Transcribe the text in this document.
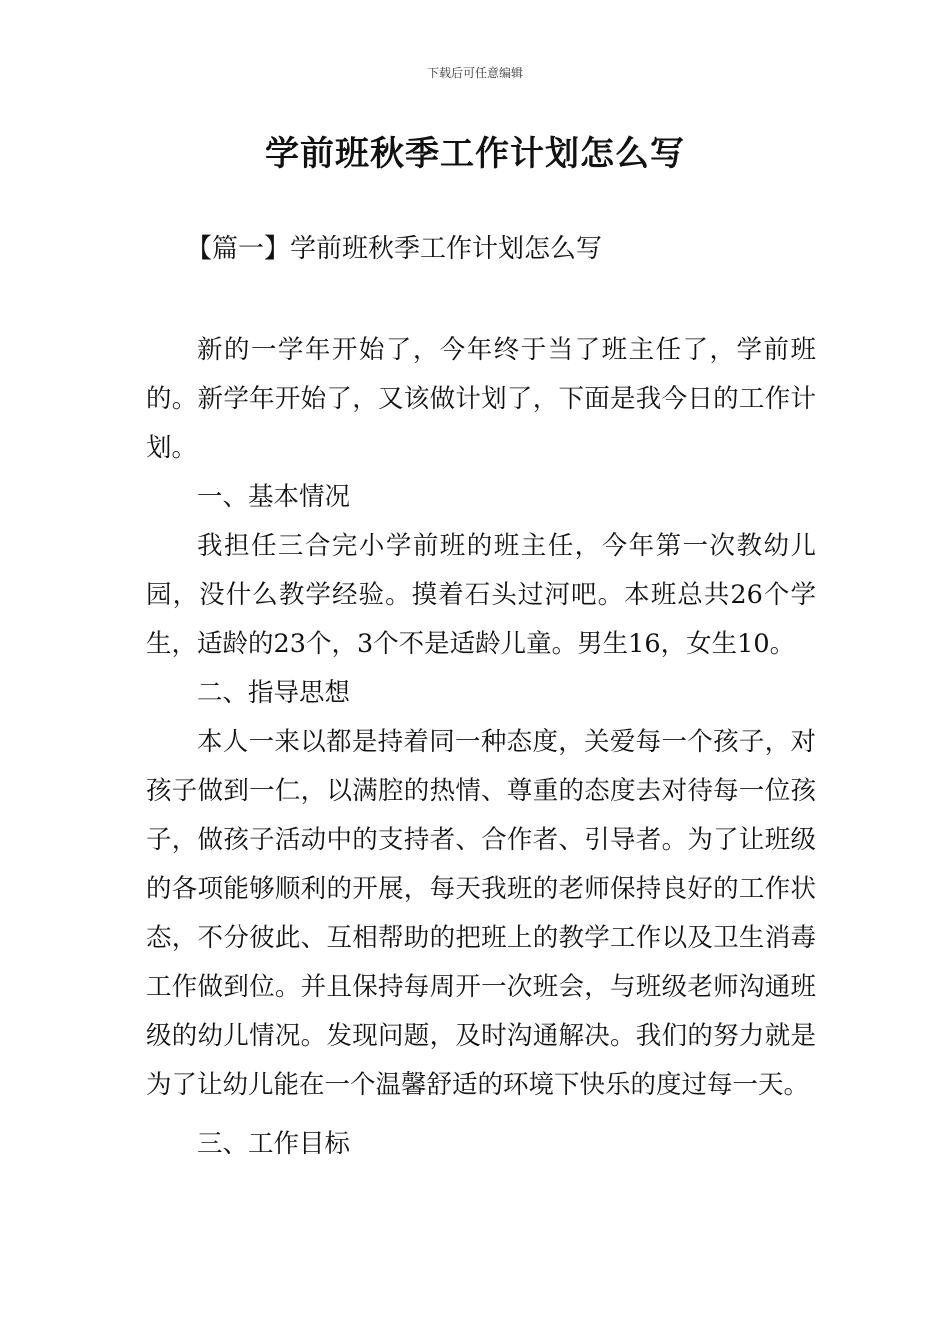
下载后可任意编辑
学前班秋季工作计划怎么写
【篇一】学前班秋季工作计划怎么写

新的一学年开始了，今年终于当了班主任了，学前班的。新学年开始了，又该做计划了，下面是我今日的工作计划。

一、基本情况

我担任三合完小学前班的班主任，今年第一次教幼儿园，没什么教学经验。摸着石头过河吧。本班总共26个学生，适龄的23个，3个不是适龄儿童。男生16，女生10。

二、指导思想

本人一来以都是持着同一种态度，关爱每一个孩子，对孩子做到一仁，以满腔的热情、尊重的态度去对待每一位孩子，做孩子活动中的支持者、合作者、引导者。为了让班级的各项能够顺利的开展，每天我班的老师保持良好的工作状态，不分彼此、互相帮助的把班上的教学工作以及卫生消毒工作做到位。并且保持每周开一次班会，与班级老师沟通班级的幼儿情况。发现问题，及时沟通解决。我们的努力就是为了让幼儿能在一个温馨舒适的环境下快乐的度过每一天。

三、工作目标
